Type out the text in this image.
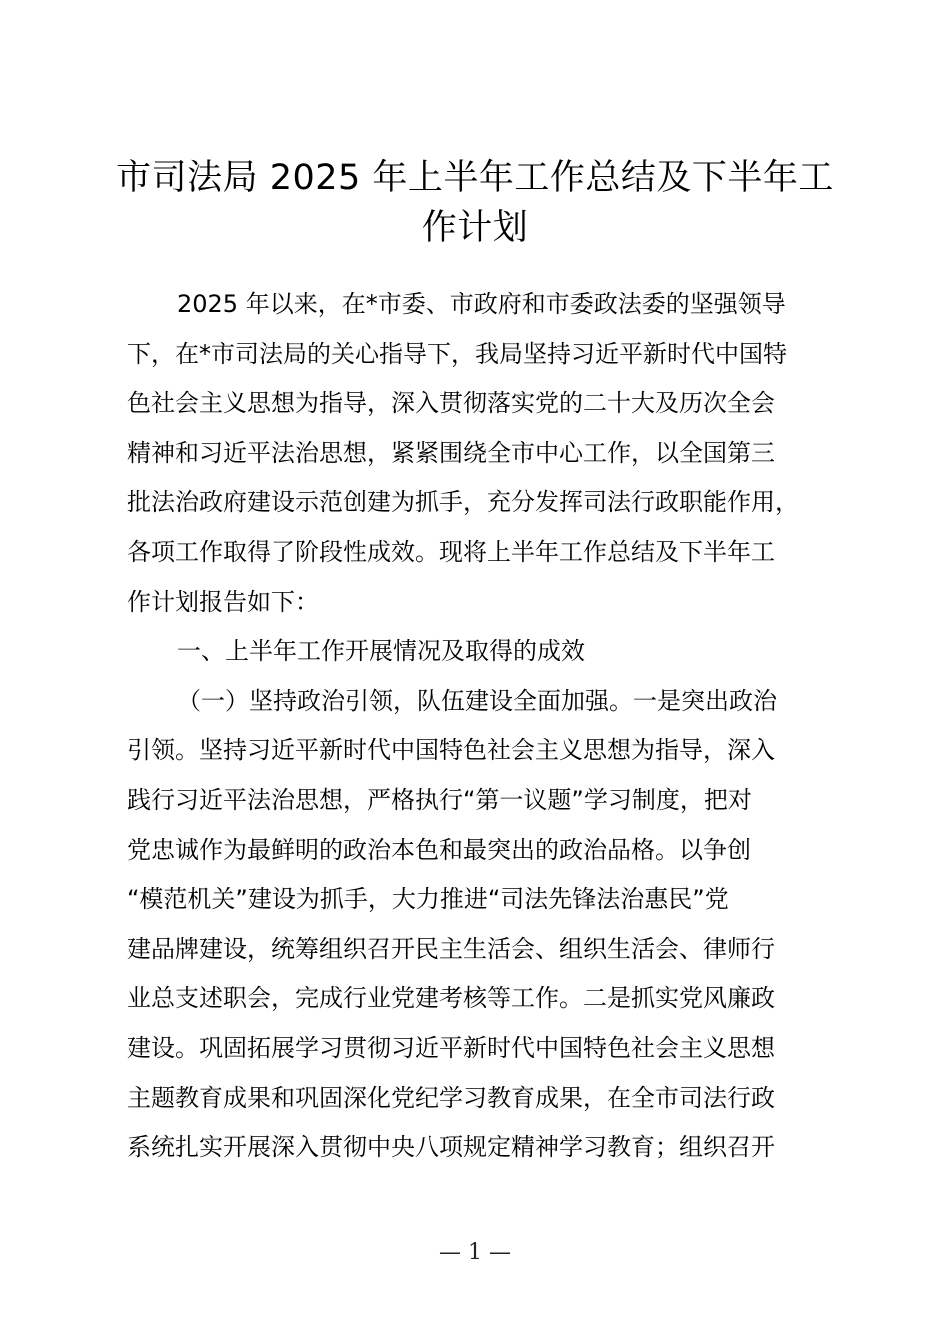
市司法局 2025 年上半年工作总结及下半年工
作计划
2025 年以来，在*市委、市政府和市委政法委的坚强领导
下，在*市司法局的关心指导下，我局坚持习近平新时代中国特
色社会主义思想为指导，深入贯彻落实党的二十大及历次全会
精神和习近平法治思想，紧紧围绕全市中心工作，以全国第三
批法治政府建设示范创建为抓手，充分发挥司法行政职能作用，
各项工作取得了阶段性成效。现将上半年工作总结及下半年工
作计划报告如下：
一、上半年工作开展情况及取得的成效
（一）坚持政治引领，队伍建设全面加强。一是突出政治
引领。坚持习近平新时代中国特色社会主义思想为指导，深入
践行习近平法治思想，严格执行“第一议题”学习制度，把对
党忠诚作为最鲜明的政治本色和最突出的政治品格。以争创
“模范机关”建设为抓手，大力推进“司法先锋法治惠民”党
建品牌建设，统筹组织召开民主生活会、组织生活会、律师行
业总支述职会，完成行业党建考核等工作。二是抓实党风廉政
建设。巩固拓展学习贯彻习近平新时代中国特色社会主义思想
主题教育成果和巩固深化党纪学习教育成果，在全市司法行政
系统扎实开展深入贯彻中央八项规定精神学习教育；组织召开
— 1 —
